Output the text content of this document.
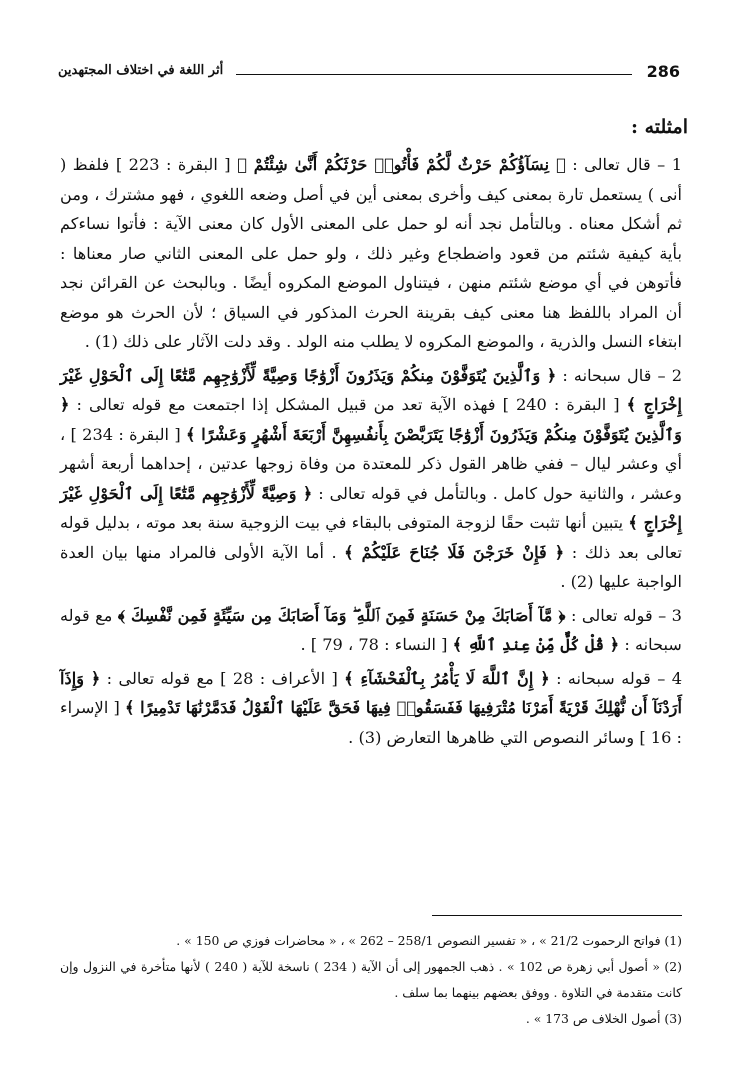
286
أثر اللغة في اختلاف المجتهدين
امثلته :

1 – قال تعالى : ﴿ نِسَآؤُكُمْ حَرْثٌ لَّكُمْ فَأْتُوا۟ حَرْثَكُمْ أَنَّىٰ شِئْتُمْ ﴾ [ البقرة : 223 ] فلفظ ( أنى ) يستعمل تارة بمعنى كيف وأخرى بمعنى أين في أصل وضعه اللغوي ، فهو مشترك ، ومن ثم أشكل معناه . وبالتأمل نجد أنه لو حمل على المعنى الأول كان معنى الآية : فأتوا نساءكم بأية كيفية شئتم من قعود واضطجاع وغير ذلك ، ولو حمل على المعنى الثاني صار معناها : فأتوهن في أي موضع شئتم منهن ، فيتناول الموضع المكروه أيضًا . وبالبحث عن القرائن نجد أن المراد باللفظ هنا معنى كيف بقرينة الحرث المذكور في السياق ؛ لأن الحرث هو موضع ابتغاء النسل والذرية ، والموضع المكروه لا يطلب منه الولد . وقد دلت الآثار على ذلك (1) .

2 – قال سبحانه : ﴿ وَٱلَّذِينَ يُتَوَفَّوْنَ مِنكُمْ وَيَذَرُونَ أَزْوَٰجًا وَصِيَّةً لِّأَزْوَٰجِهِم مَّتَٰعًا إِلَى ٱلْحَوْلِ غَيْرَ إِخْرَاجٍ ﴾ [ البقرة : 240 ] فهذه الآية تعد من قبيل المشكل إذا اجتمعت مع قوله تعالى : ﴿ وَٱلَّذِينَ يُتَوَفَّوْنَ مِنكُمْ وَيَذَرُونَ أَزْوَٰجًا يَتَرَبَّصْنَ بِأَنفُسِهِنَّ أَرْبَعَةَ أَشْهُرٍ وَعَشْرًا ﴾ [ البقرة : 234 ] ، أي وعشر ليال – ففي ظاهر القول ذكر للمعتدة من وفاة زوجها عدتين ، إحداهما أربعة أشهر وعشر ، والثانية حول كامل . وبالتأمل في قوله تعالى : ﴿ وَصِيَّةً لِّأَزْوَٰجِهِم مَّتَٰعًا إِلَى ٱلْحَوْلِ غَيْرَ إِخْرَاجٍ ﴾ يتبين أنها تثبت حقًا لزوجة المتوفى بالبقاء في بيت الزوجية سنة بعد موته ، بدليل قوله تعالى بعد ذلك : ﴿ فَإِنْ خَرَجْنَ فَلَا جُنَاحَ عَلَيْكُمْ ﴾ . أما الآية الأولى فالمراد منها بيان العدة الواجبة عليها (2) .

3 – قوله تعالى : ﴿ مَّآ أَصَابَكَ مِنْ حَسَنَةٍ فَمِنَ ٱللَّهِ ۖ وَمَآ أَصَابَكَ مِن سَيِّئَةٍ فَمِن نَّفْسِكَ ﴾ مع قوله سبحانه : ﴿ قُلْ كُلٌّ مِّنْ عِندِ ٱللَّهِ ﴾ [ النساء : 78 ، 79 ] .

4 – قوله سبحانه : ﴿ إِنَّ ٱللَّهَ لَا يَأْمُرُ بِٱلْفَحْشَآءِ ﴾ [ الأعراف : 28 ] مع قوله تعالى : ﴿ وَإِذَآ أَرَدْنَآ أَن نُّهْلِكَ قَرْيَةً أَمَرْنَا مُتْرَفِيهَا فَفَسَقُوا۟ فِيهَا فَحَقَّ عَلَيْهَا ٱلْقَوْلُ فَدَمَّرْنَٰهَا تَدْمِيرًا ﴾ [ الإسراء : 16 ] وسائر النصوص التي ظاهرها التعارض (3) .

(1) فواتح الرحموت 21/2 » ، « تفسير النصوص 258/1 – 262 » ، « محاضرات فوزي ص 150 » .

(2) « أصول أبي زهرة ص 102 » . ذهب الجمهور إلى أن الآية ( 234 ) ناسخة للآية ( 240 ) لأنها متأخرة في النزول وإن كانت متقدمة في التلاوة . ووفق بعضهم بينهما بما سلف .

(3) أصول الخلاف ص 173 » .
